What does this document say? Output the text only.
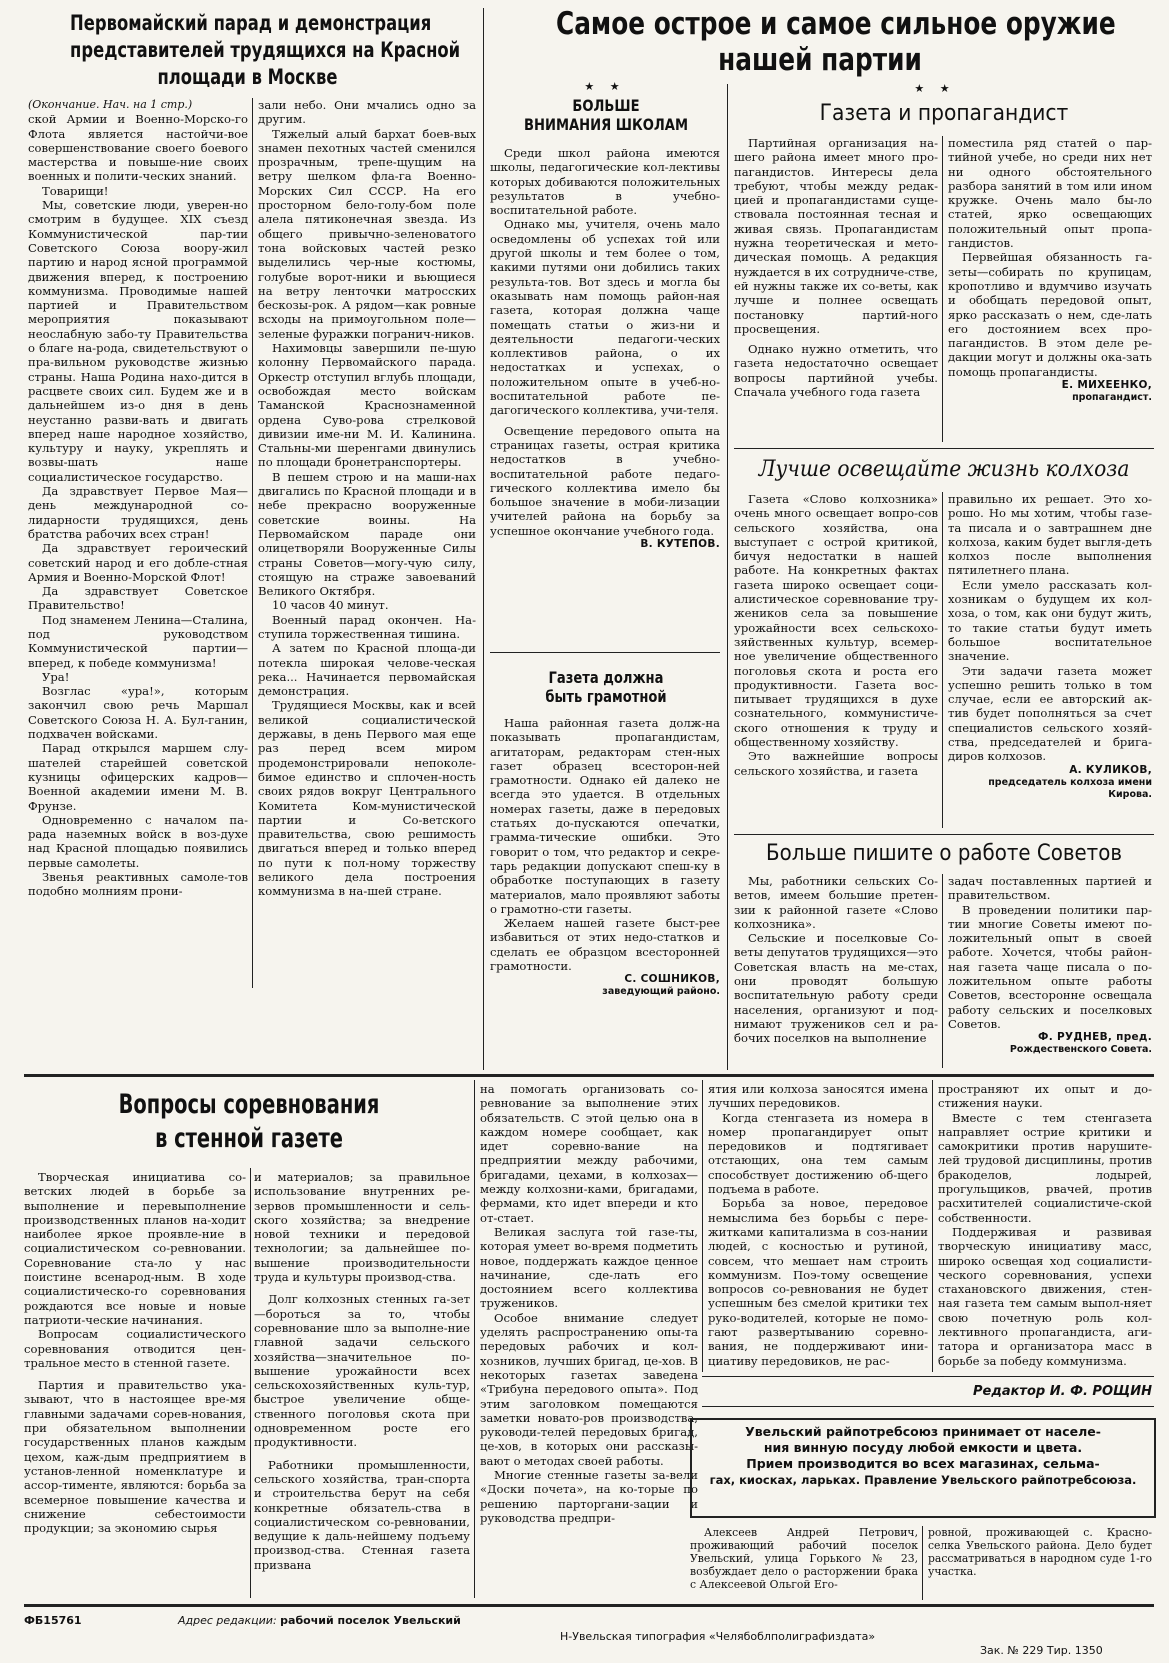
Первомайский парад и демонстрация
представителей трудящихся на Красной
площади в Москве

(Окончание. Нач. на 1 стр.)

ской Армии и Военно-Морско-го Флота является настойчи-вое совершенствование своего боевого мастерства и повыше-ние своих военных и полити-ческих знаний.

Товарищи!

Мы, советские люди, уверен-но смотрим в будущее. XIX съезд Коммунистической пар-тии Советского Союза воору-жил партию и народ ясной программой движения вперед, к построению коммунизма. Проводимые нашей партией и Правительством мероприятия показывают неослабную забо-ту Правительства о благе на-рода, свидетельствуют о пра-вильном руководстве жизнью страны. Наша Родина нахо-дится в расцвете своих сил. Будем же и в дальнейшем из-о дня в день неустанно разви-вать и двигать вперед наше народное хозяйство, культуру и науку, укреплять и возвы-шать наше социалистическое государство.

Да здравствует Первое Мая—день международной со-лидарности трудящихся, день братства рабочих всех стран!

Да здравствует героический советский народ и его добле-стная Армия и Военно-Морской Флот!

Да здравствует Советское Правительство!

Под знаменем Ленина—Сталина, под руководством Коммунистической партии—вперед, к победе коммунизма!

Ура!

Возглас «ура!», которым закончил свою речь Маршал Советского Союза Н. А. Бул-ганин, подхвачен войсками.

Парад открылся маршем слу-шателей старейшей советской кузницы офицерских кадров—Военной академии имени М. В. Фрунзе.

Одновременно с началом па-рада наземных войск в воз-духе над Красной площадью появились первые самолеты.

Звенья реактивных самоле-тов подобно молниям прони-

зали небо. Они мчались одно за другим.

Тяжелый алый бархат боев-вых знамен пехотных частей сменился прозрачным, трепе-щущим на ветру шелком фла-га Военно-Морских Сил СССР. На его просторном бело-голу-бом поле алела пятиконечная звезда. Из общего привычно-зеленоватого тона войсковых частей резко выделились чер-ные костюмы, голубые ворот-ники и вьющиеся на ветру ленточки матросских бескозы-рок. А рядом—как ровные всходы на примоугольном поле—зеленые фуражки погранич-ников.

Нахимовцы завершили пе-шую колонну Первомайского парада. Оркестр отступил вглубь площади, освобождая место войскам Таманской Краснознаменной ордена Суво-рова стрелковой дивизии име-ни М. И. Калинина. Стальны-ми шеренгами двинулись по площади бронетранспортеры.

В пешем строю и на маши-нах двигались по Красной площади и в небе прекрасно вооруженные советские воины. На Первомайском параде они олицетворяли Вооруженные Силы страны Советов—могу-чую силу, стоящую на страже завоеваний Великого Октября.

10 часов 40 минут.

Военный парад окончен. На-ступила торжественная тишина.

А затем по Красной площа-ди потекла широкая челове-ческая река... Начинается первомайская демонстрация.

Трудящиеся Москвы, как и всей великой социалистической державы, в день Первого мая еще раз перед всем миром продемонстрировали непоколе-бимое единство и сплочен-ность своих рядов вокруг Центрального Комитета Ком-мунистической партии и Со-ветского правительства, свою решимость двигаться вперед и только вперед по пути к пол-ному торжеству великого дела построения коммунизма в на-шей стране.

Самое острое и самое сильное оружие
нашей партии
★ ★
БОЛЬШЕ
ВНИМАНИЯ ШКОЛАМ

Среди школ района имеются школы, педагогические кол-лективы которых добиваются положительных результатов в учебно-воспитательной работе.

Однако мы, учителя, очень мало осведомлены об успехах той или другой школы и тем более о том, какими путями они добились таких результа-тов. Вот здесь и могла бы оказывать нам помощь район-ная газета, которая должна чаще помещать статьи о жиз-ни и деятельности педагоги-ческих коллективов района, о их недостатках и успехах, о положительном опыте в учеб-но-воспитательной работе пе-дагогического коллектива, учи-теля.

Освещение передового опыта на страницах газеты, острая критика недостатков в учебно-воспитательной работе педаго-гического коллектива имело бы большое значение в моби-лизации учителей района на борьбу за успешное окончание учебного года.

В. КУТЕПОВ.
Газета должна
быть грамотной

Наша районная газета долж-на показывать пропагандистам, агитаторам, редакторам стен-ных газет образец всесторон-ней грамотности. Однако ей далеко не всегда это удается. В отдельных номерах газеты, даже в передовых статьях до-пускаются опечатки, грамма-тические ошибки. Это говорит о том, что редактор и секре-тарь редакции допускают спеш-ку в обработке поступающих в газету материалов, мало проявляют заботы о грамотно-сти газеты.

Желаем нашей газете быст-рее избавиться от этих недо-статков и сделать ее образцом всесторонней грамотности.

С. СОШНИКОВ,
заведующий районо.
★ ★
Газета и пропагандист

Партийная организация на-шего района имеет много про-пагандистов. Интересы дела требуют, чтобы между редак-цией и пропагандистами суще-ствовала постоянная тесная и живая связь. Пропагандистам нужна теоретическая и мето-дическая помощь. А редакция нуждается в их сотрудниче-стве, ей нужны также их со-веты, как лучше и полнее освещать постановку партий-ного просвещения.

Однако нужно отметить, что газета недостаточно освещает вопросы партийной учебы. Спачала учебного года газета

поместила ряд статей о пар-тийной учебе, но среди них нет ни одного обстоятельного разбора занятий в том или ином кружке. Очень мало бы-ло статей, ярко освещающих положительный опыт пропа-гандистов.

Первейшая обязанность га-зеты—собирать по крупицам, кропотливо и вдумчиво изучать и обобщать передовой опыт, ярко рассказать о нем, сде-лать его достоянием всех про-пагандистов. В этом деле ре-дакции могут и должны ока-зать помощь пропагандисты.

Е. МИХЕЕНКО,
пропагандист.
Лучше освещайте жизнь колхоза

Газета «Слово колхозника» очень много освещает вопро-сов сельского хозяйства, она выступает с острой критикой, бичуя недостатки в нашей работе. На конкретных фактах газета широко освещает соци-алистическое соревнование тру-жеников села за повышение урожайности всех сельскохо-зяйственных культур, всемер-ное увеличение общественного поголовья скота и роста его продуктивности. Газета вос-питывает трудящихся в духе сознательного, коммунистиче-ского отношения к труду и общественному хозяйству.

Это важнейшие вопросы сельского хозяйства, и газета

правильно их решает. Это хо-рошо. Но мы хотим, чтобы газе-та писала и о завтрашнем дне колхоза, каким будет выгля-деть колхоз после выполнения пятилетнего плана.

Если умело рассказать кол-хозникам о будущем их кол-хоза, о том, как они будут жить, то такие статьи будут иметь большое воспитательное значение.

Эти задачи газета может успешно решить только в том случае, если ее авторский ак-тив будет пополняться за счет специалистов сельского хозяй-ства, председателей и брига-диров колхозов.

А. КУЛИКОВ,
председатель колхоза имени Кирова.
Больше пишите о работе Советов

Мы, работники сельских Со-ветов, имеем большие претен-зии к районной газете «Слово колхозника».

Сельские и поселковые Со-веты депутатов трудящихся—это Советская власть на ме-стах, они проводят большую воспитательную работу среди населения, организуют и под-нимают тружеников сел и ра-бочих поселков на выполнение

задач поставленных партией и правительством.

В проведении политики пар-тии многие Советы имеют по-ложительный опыт в своей работе. Хочется, чтобы район-ная газета чаще писала о по-ложительном опыте работы Советов, всесторонне освещала работу сельских и поселковых Советов.

Ф. РУДНЕВ, пред.
Рождественского Совета.
Вопросы соревнования
в стенной газете

Творческая инициатива со-ветских людей в борьбе за выполнение и перевыполнение производственных планов на-ходит наиболее яркое проявле-ние в социалистическом со-ревновании. Соревнование ста-ло у нас поистине всенарод-ным. В ходе социалистическо-го соревнования рождаются все новые и новые патриоти-ческие начинания.

Вопросам социалистического соревнования отводится цен-тральное место в стенной газете.

Партия и правительство ука-зывают, что в настоящее вре-мя главными задачами сорев-нования, при обязательном выполнении государственных планов каждым цехом, каж-дым предприятием в установ-ленной номенклатуре и ассор-тименте, являются: борьба за всемерное повышение качества и снижение себестоимости продукции; за экономию сырья

и материалов; за правильное использование внутренних ре-зервов промышленности и сель-ского хозяйства; за внедрение новой техники и передовой технологии; за дальнейшее по-вышение производительности труда и культуры производ-ства.

Долг колхозных стенных га-зет—бороться за то, чтобы соревнование шло за выполне-ние главной задачи сельского хозяйства—значительное по-вышение урожайности всех сельскохозяйственных куль-тур, быстрое увеличение обще-ственного поголовья скота при одновременном росте его продуктивности.

Работники промышленности, сельского хозяйства, тран-спорта и строительства берут на себя конкретные обязатель-ства в социалистическом со-ревновании, ведущие к даль-нейшему подъему производ-ства. Стенная газета призвана

на помогать организовать со-ревнование за выполнение этих обязательств. С этой целью она в каждом номере сообщает, как идет соревно-вание на предприятии между рабочими, бригадами, цехами, в колхозах—между колхозни-ками, бригадами, фермами, кто идет впереди и кто от-стает.

Великая заслуга той газе-ты, которая умеет во-время подметить новое, поддержать каждое ценное начинание, сде-лать его достоянием всего коллектива тружеников.

Особое внимание следует уделять распространению опы-та передовых рабочих и кол-хозников, лучших бригад, це-хов. В некоторых газетах заведена «Трибуна передового опыта». Под этим заголовком помещаются заметки новато-ров производства, руководи-телей передовых бригад, це-хов, в которых они рассказы-вают о методах своей работы.

Многие стенные газеты за-вели «Доски почета», на ко-торые по решению парторгани-зации и руководства предпри-

ятия или колхоза заносятся имена лучших передовиков.

Когда стенгазета из номера в номер пропагандирует опыт передовиков и подтягивает отстающих, она тем самым способствует достижению об-щего подъема в работе.

Борьба за новое, передовое немыслима без борьбы с пере-житками капитализма в соз-нании людей, с косностью и рутиной, совсем, что мешает нам строить коммунизм. Поэ-тому освещение вопросов со-ревнования не будет успешным без смелой критики тех руко-водителей, которые не помо-гают развертыванию соревно-вания, не поддерживают ини-циативу передовиков, не рас-

пространяют их опыт и до-стижения науки.

Вместе с тем стенгазета направляет острие критики и самокритики против нарушите-лей трудовой дисциплины, против бракоделов, лодырей, прогульщиков, рвачей, против расхитителей социалистиче-ской собственности.

Поддерживая и развивая творческую инициативу масс, широко освещая ход социалисти-ческого соревнования, успехи стахановского движения, стен-ная газета тем самым выпол-няет свою почетную роль кол-лективного пропагандиста, аги-татора и организатора масс в борьбе за победу коммунизма.

Редактор И. Ф. РОЩИН
Увельский райпотребсоюз принимает от населе-
ния винную посуду любой емкости и цвета.
Прием производится во всех магазинах, сельма-
гах, киосках, ларьках. Правление Увельского райпотребсоюза.

Алексеев Андрей Петрович, проживающий рабочий поселок Увельский, улица Горького № 23, возбуждает дело о расторжении брака с Алексеевой Ольгой Его-

ровной, проживающей с. Красно-селка Увельского района. Дело будет рассматриваться в народном суде 1-го участка.

ФБ15761	Адрес редакции: рабочий поселок Увельский
Н-Увельская типография «Челябоблполиграфиздата»
Зак. № 229 Тир. 1350
